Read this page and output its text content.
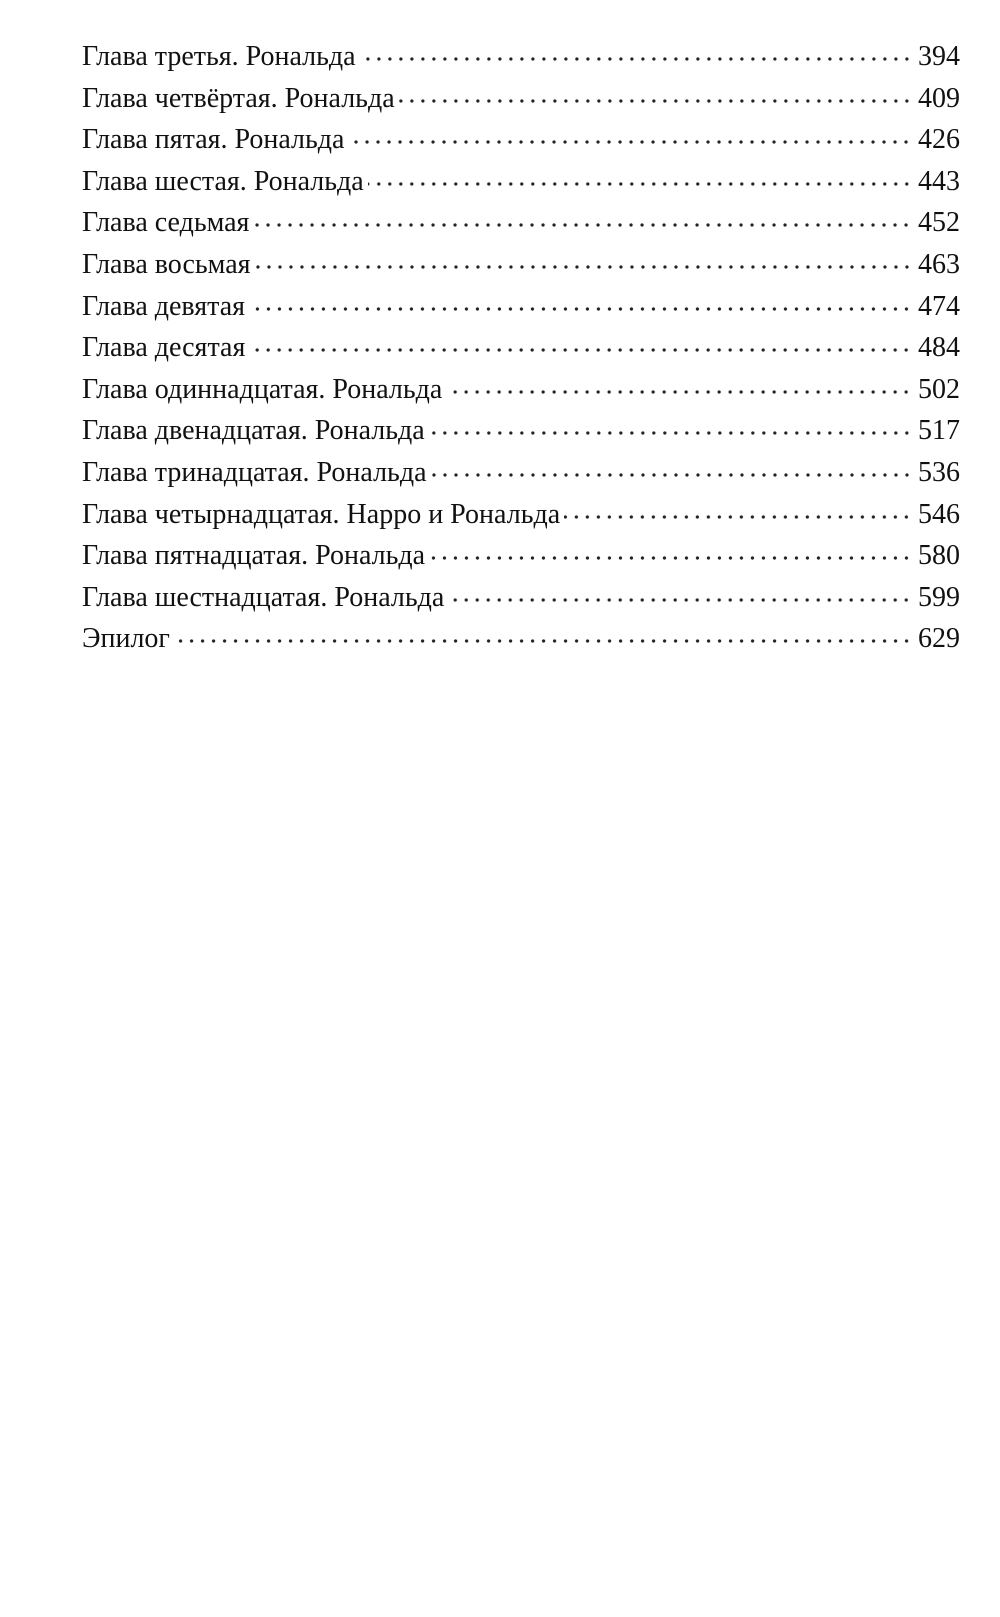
Глава третья. Рональда	394
Глава четвёртая. Рональда	409
Глава пятая. Рональда	426
Глава шестая. Рональда	443
Глава седьмая	452
Глава восьмая	463
Глава девятая	474
Глава десятая	484
Глава одиннадцатая. Рональда	502
Глава двенадцатая. Рональда	517
Глава тринадцатая. Рональда	536
Глава четырнадцатая. Нарро и Рональда	546
Глава пятнадцатая. Рональда	580
Глава шестнадцатая. Рональда	599
Эпилог	629
